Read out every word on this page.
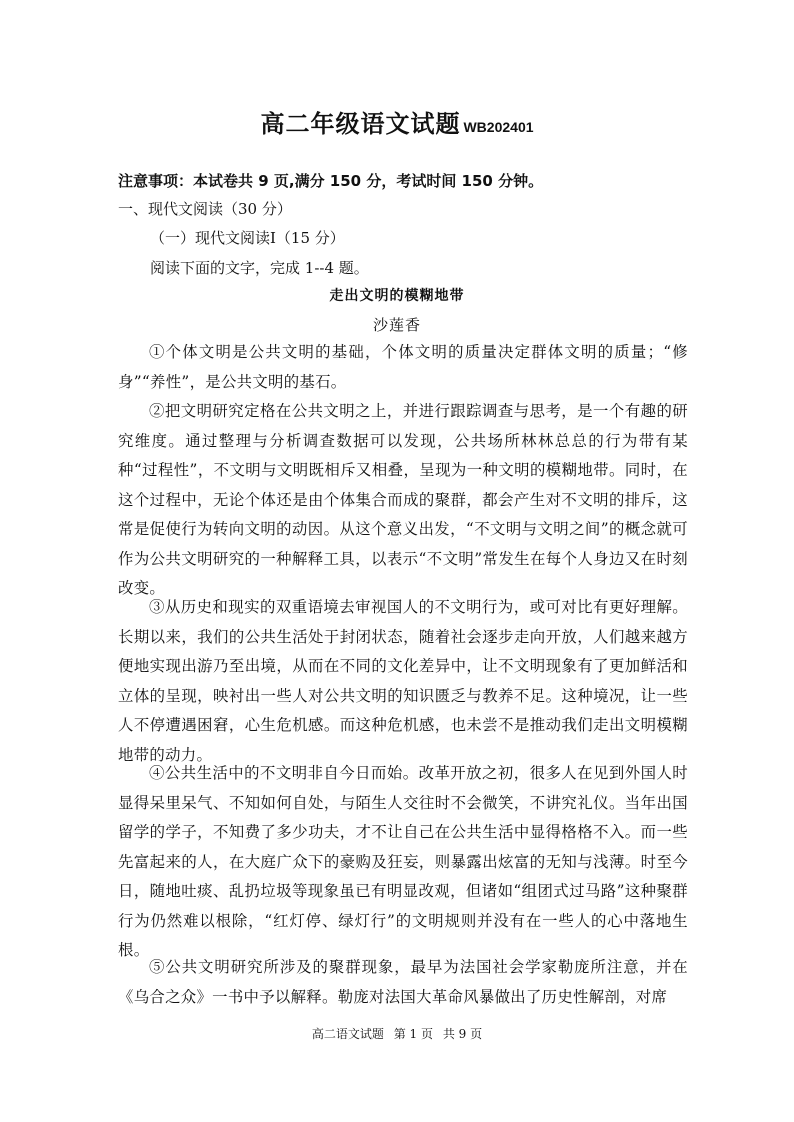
高二年级语文试题 WB202401
注意事项：本试卷共 9 页,满分 150 分，考试时间 150 分钟。
一、现代文阅读（30 分）
（一）现代文阅读Ⅰ（15 分）
阅读下面的文字，完成 1--4 题。
走出文明的模糊地带
沙莲香
①个体文明是公共文明的基础，个体文明的质量决定群体文明的质量；“修身”“养性”，是公共文明的基石。
②把文明研究定格在公共文明之上，并进行跟踪调查与思考，是一个有趣的研究维度。通过整理与分析调查数据可以发现，公共场所林林总总的行为带有某种“过程性”，不文明与文明既相斥又相叠，呈现为一种文明的模糊地带。同时，在这个过程中，无论个体还是由个体集合而成的聚群，都会产生对不文明的排斥，这常是促使行为转向文明的动因。从这个意义出发，“不文明与文明之间”的概念就可作为公共文明研究的一种解释工具，以表示“不文明”常发生在每个人身边又在时刻改变。
③从历史和现实的双重语境去审视国人的不文明行为，或可对比有更好理解。长期以来，我们的公共生活处于封闭状态，随着社会逐步走向开放，人们越来越方便地实现出游乃至出境，从而在不同的文化差异中，让不文明现象有了更加鲜活和立体的呈现，映衬出一些人对公共文明的知识匮乏与教养不足。这种境况，让一些人不停遭遇困窘，心生危机感。而这种危机感，也未尝不是推动我们走出文明模糊地带的动力。
④公共生活中的不文明非自今日而始。改革开放之初，很多人在见到外国人时显得呆里呆气、不知如何自处，与陌生人交往时不会微笑，不讲究礼仪。当年出国留学的学子，不知费了多少功夫，才不让自己在公共生活中显得格格不入。而一些先富起来的人，在大庭广众下的豪购及狂妄，则暴露出炫富的无知与浅薄。时至今日，随地吐痰、乱扔垃圾等现象虽已有明显改观，但诸如“组团式过马路”这种聚群行为仍然难以根除，“红灯停、绿灯行”的文明规则并没有在一些人的心中落地生根。
⑤公共文明研究所涉及的聚群现象，最早为法国社会学家勒庞所注意，并在《乌合之众》一书中予以解释。勒庞对法国大革命风暴做出了历史性解剖，对席
高二语文试题 第 1 页 共 9 页
